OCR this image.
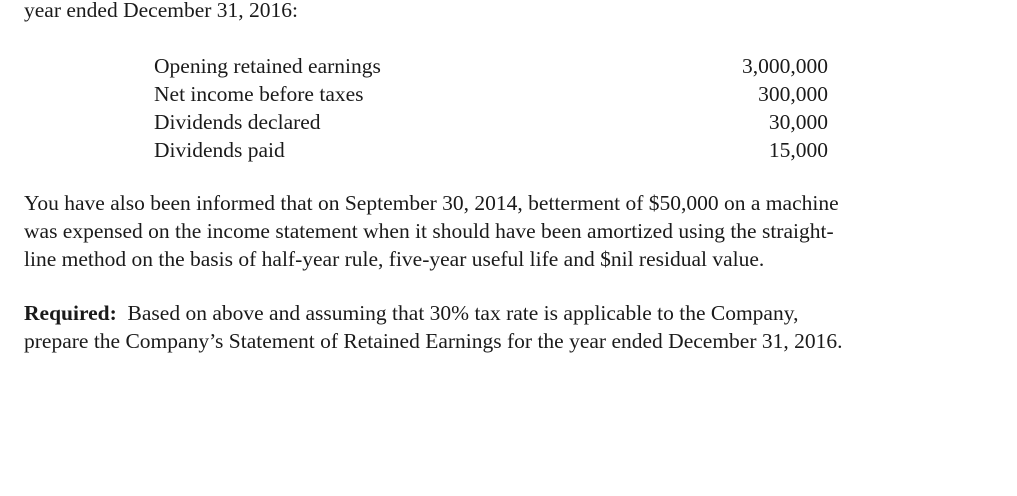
year ended December 31, 2016:

Opening retained earnings	3,000,000
Net income before taxes	300,000
Dividends declared	30,000
Dividends paid	15,000

You have also been informed that on September 30, 2014, betterment of $50,000 on a machine
was expensed on the income statement when it should have been amortized using the straight-
line method on the basis of half-year rule, five-year useful life and $nil residual value.

Required: Based on above and assuming that 30% tax rate is applicable to the Company,
prepare the Company’s Statement of Retained Earnings for the year ended December 31, 2016.
